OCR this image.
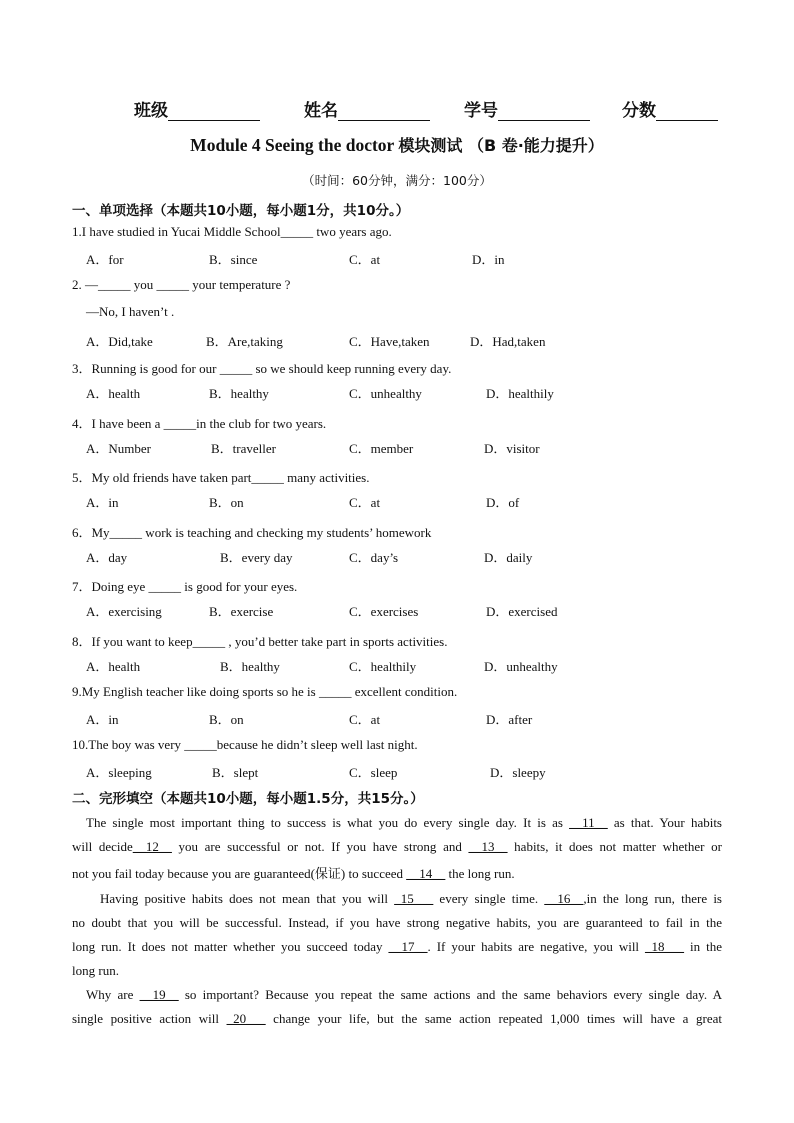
班级	姓名	学号	分数
Module 4 Seeing the doctor 模块测试 （B 卷·能力提升）
（时间：60分钟，满分：100分）
一、单项选择（本题共10小题，每小题1分，共10分。）
1.I have studied in Yucai Middle School_____ two years ago.
A．for	B．since	C．at	D．in
2. —_____ you _____ your temperature ?
—No, I haven’t .
A．Did,take	B．Are,taking	C．Have,taken	D．Had,taken
3．Running is good for our _____ so we should keep running every day.
A．health	B．healthy	C．unhealthy	D．healthily
4．I have been a _____in the club for two years.
A．Number	B．traveller	C．member	D．visitor
5．My old friends have taken part_____ many activities.
A．in	B．on	C．at	D．of
6．My_____ work is teaching and checking my students’ homework
A．day	B．every day	C．day’s	D．daily
7．Doing eye _____ is good for your eyes.
A．exercising	B．exercise	C．exercises	D．exercised
8．If you want to keep_____ , you’d better take part in sports activities.
A．health	B．healthy	C．healthily	D．unhealthy
9.My English teacher like doing sports so he is _____ excellent condition.
A．in	B．on	C．at	D．after
10.The boy was very _____because he didn’t sleep well last night.
A．sleeping	B．slept	C．sleep	D．sleepy
二、完形填空（本题共10小题，每小题1.5分，共15分。）
The single most important thing to success is what you do every single day. It is as __11__ as that. Your habits
will decide__12__ you are successful or not. If you have strong and __13__ habits, it does not matter whether or
not you fail today because you are guaranteed(保证) to succeed __14__ the long run.
Having positive habits does not mean that you will _15___ every single time. __16__,in the long run, there is
no doubt that you will be successful. Instead, if you have strong negative habits, you are guaranteed to fail in the
long run. It does not matter whether you succeed today __17__. If your habits are negative, you will _18___ in the
long run.
Why are __19__ so important? Because you repeat the same actions and the same behaviors every single day. A
single positive action will _20___ change your life, but the same action repeated 1,000 times will have a great
